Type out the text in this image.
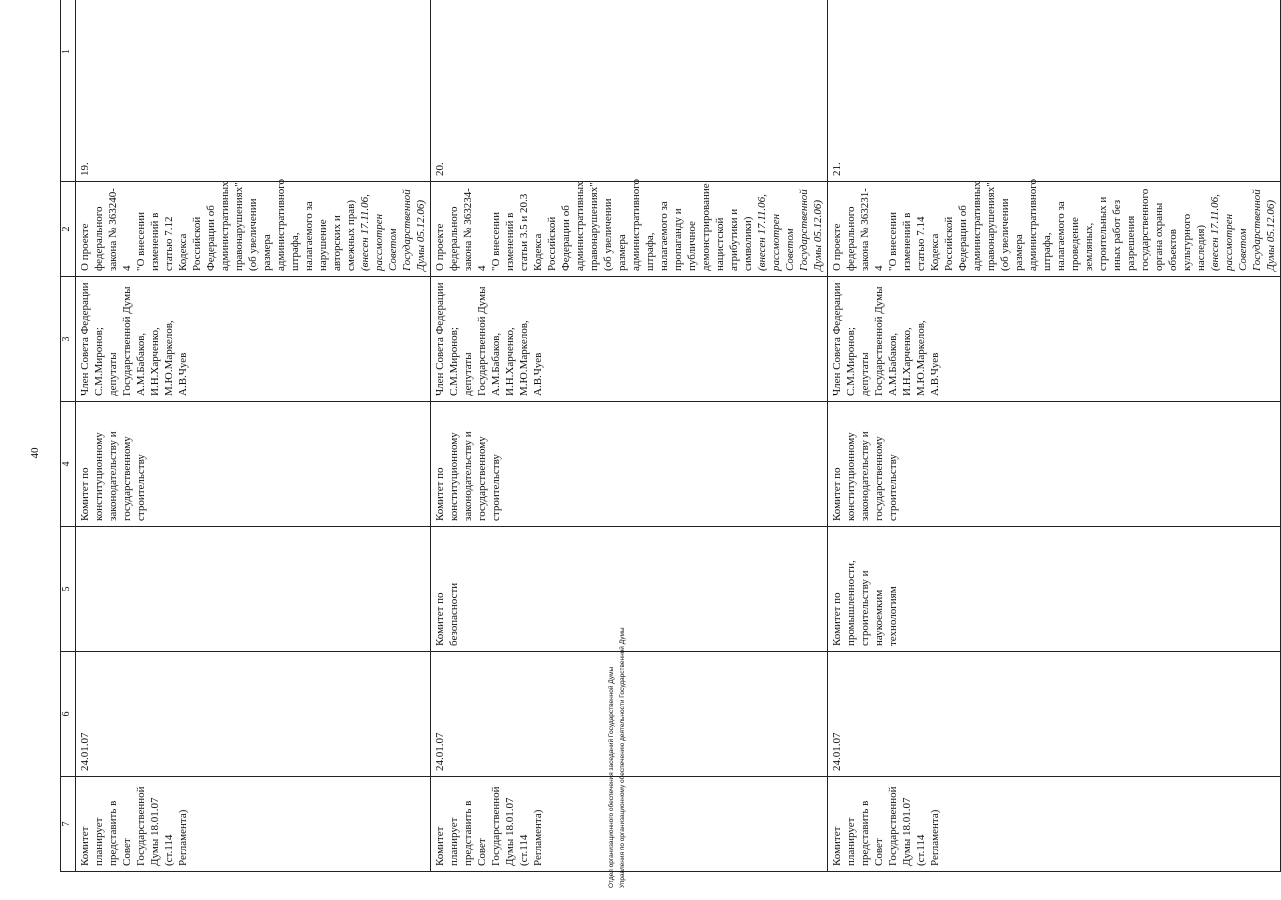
40
7	6	5	4	3	2	1
Комитет планирует представить в Совет Государственной Думы 18.01.07 (ст.114 Регламента)	24.01.07		Комитет по конституционному законодательству и государственному строительству	Член Совета Федерации С.М.Миронов; депутаты Государственной Думы А.М.Бабаков, И.Н.Харченко, М.Ю.Маркелов, А.В.Чуев	О проекте федерального закона № 363240-4 "О внесении изменений в статью 7.12 Кодекса Российской Федерации об административных правонарушениях" (об увеличении размера административного штрафа, налагаемого за нарушение авторских и смежных прав) (внесен 17.11.06, рассмотрен Советом Государственной Думы 05.12.06)	19.
Комитет планирует представить в Совет Государственной Думы 18.01.07 (ст.114 Регламента)	24.01.07	Комитет по безопасности	Комитет по конституционному законодательству и государственному строительству	Член Совета Федерации С.М.Миронов; депутаты Государственной Думы А.М.Бабаков, И.Н.Харченко, М.Ю.Маркелов, А.В.Чуев	О проекте федерального закона № 363234-4 "О внесении изменений в статьи 3.5 и 20.3 Кодекса Российской Федерации об административных правонарушениях" (об увеличении размера административного штрафа, налагаемого за пропаганду и публичное демонстрирование нацистской атрибутики и символики) (внесен 17.11.06, рассмотрен Советом Государственной Думы 05.12.06)	20.
Комитет планирует представить в Совет Государственной Думы 18.01.07 (ст.114 Регламента)	24.01.07	Комитет по промышленности, строительству и наукоемким технологиям	Комитет по конституционному законодательству и государственному строительству	Член Совета Федерации С.М.Миронов; депутаты Государственной Думы А.М.Бабаков, И.Н.Харченко, М.Ю.Маркелов, А.В.Чуев	О проекте федерального закона № 363231-4 "О внесении изменений в статью 7.14 Кодекса Российской Федерации об административных правонарушениях" (об увеличении размера административного штрафа, налагаемого за проведение земляных, строительных и иных работ без разрешения государственного органа охраны объектов культурного наследия) (внесен 17.11.06, рассмотрен Советом Государственной Думы 05.12.06)	21.
Отдел организационного обеспечения заседаний Государственной Думы Управления по организационному обеспечению деятельности Государственной Думы
